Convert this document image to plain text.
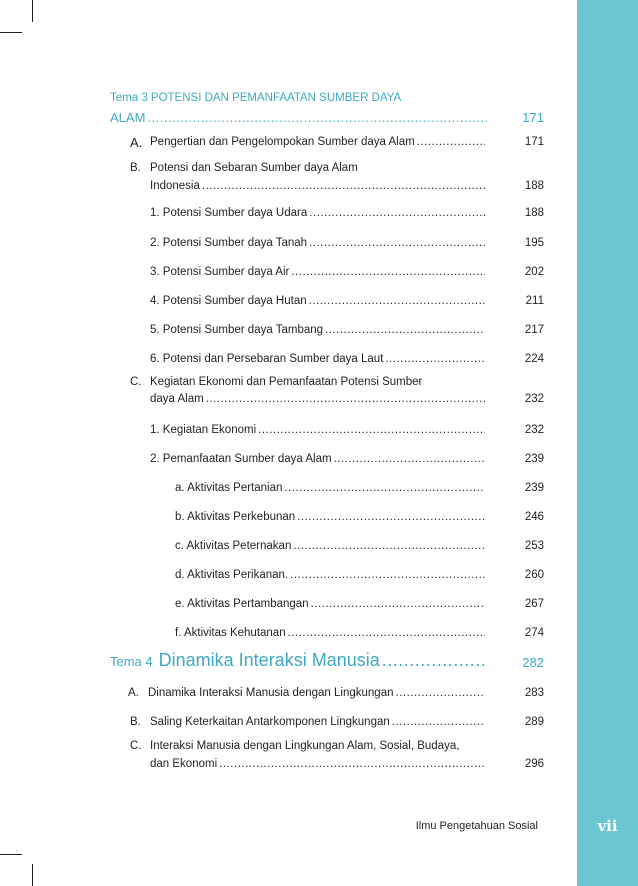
Tema 3 POTENSI DAN PEMANFAATAN SUMBER DAYA
ALAM .....	171
A. Pengertian dan Pengelompokan Sumber daya Alam .....	171
B. Potensi dan Sebaran Sumber daya Alam
Indonesia .....	188
1. Potensi Sumber daya Udara .....	188
2. Potensi Sumber daya Tanah .....	195
3. Potensi Sumber daya Air .....	202
4. Potensi Sumber daya Hutan .....	211
5. Potensi Sumber daya Tambang .....	217
6. Potensi dan Persebaran Sumber daya Laut .....	224
C. Kegiatan Ekonomi dan Pemanfaatan Potensi Sumber
daya Alam .....	232
1. Kegiatan Ekonomi .....	232
2. Pemanfaatan Sumber daya Alam .....	239
a. Aktivitas Pertanian .....	239
b. Aktivitas Perkebunan .....	246
c. Aktivitas Peternakan .....	253
d. Aktivitas Perikanan. .....	260
e. Aktivitas Pertambangan .....	267
f. Aktivitas Kehutanan .....	274
Tema 4 Dinamika Interaksi Manusia .....	282
A. Dinamika Interaksi Manusia dengan Lingkungan .....	283
B. Saling Keterkaitan Antarkomponen Lingkungan .....	289
C. Interaksi Manusia dengan Lingkungan Alam, Sosial, Budaya,
dan Ekonomi .....	296
Ilmu Pengetahuan Sosial	vii
